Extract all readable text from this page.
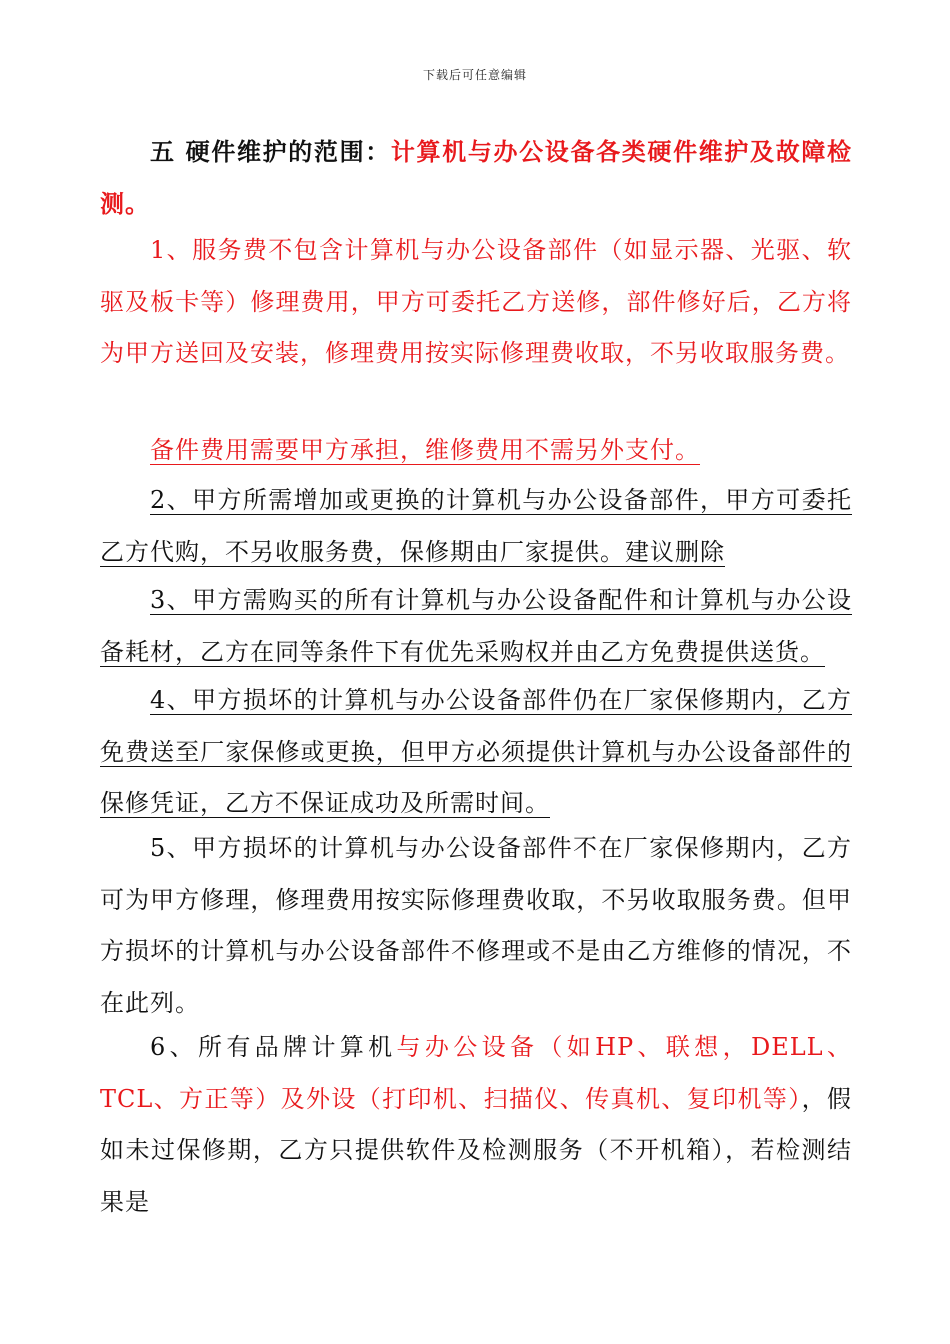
下载后可任意编辑

五 硬件维护的范围：计算机与办公设备各类硬件维护及故障检测。

1、服务费不包含计算机与办公设备部件（如显示器、光驱、软驱及板卡等）修理费用，甲方可委托乙方送修，部件修好后，乙方将为甲方送回及安装，修理费用按实际修理费收取，不另收取服务费。

备件费用需要甲方承担，维修费用不需另外支付。

2、甲方所需增加或更换的计算机与办公设备部件，甲方可委托乙方代购，不另收服务费，保修期由厂家提供。建议删除

3、甲方需购买的所有计算机与办公设备配件和计算机与办公设备耗材，乙方在同等条件下有优先采购权并由乙方免费提供送货。

4、甲方损坏的计算机与办公设备部件仍在厂家保修期内，乙方免费送至厂家保修或更换，但甲方必须提供计算机与办公设备部件的保修凭证，乙方不保证成功及所需时间。

5、甲方损坏的计算机与办公设备部件不在厂家保修期内，乙方可为甲方修理，修理费用按实际修理费收取，不另收取服务费。但甲方损坏的计算机与办公设备部件不修理或不是由乙方维修的情况，不在此列。

6、所有品牌计算机与办公设备（如HP、联想，DELL、TCL、方正等）及外设（打印机、扫描仪、传真机、复印机等），假如未过保修期，乙方只提供软件及检测服务（不开机箱），若检测结果是
